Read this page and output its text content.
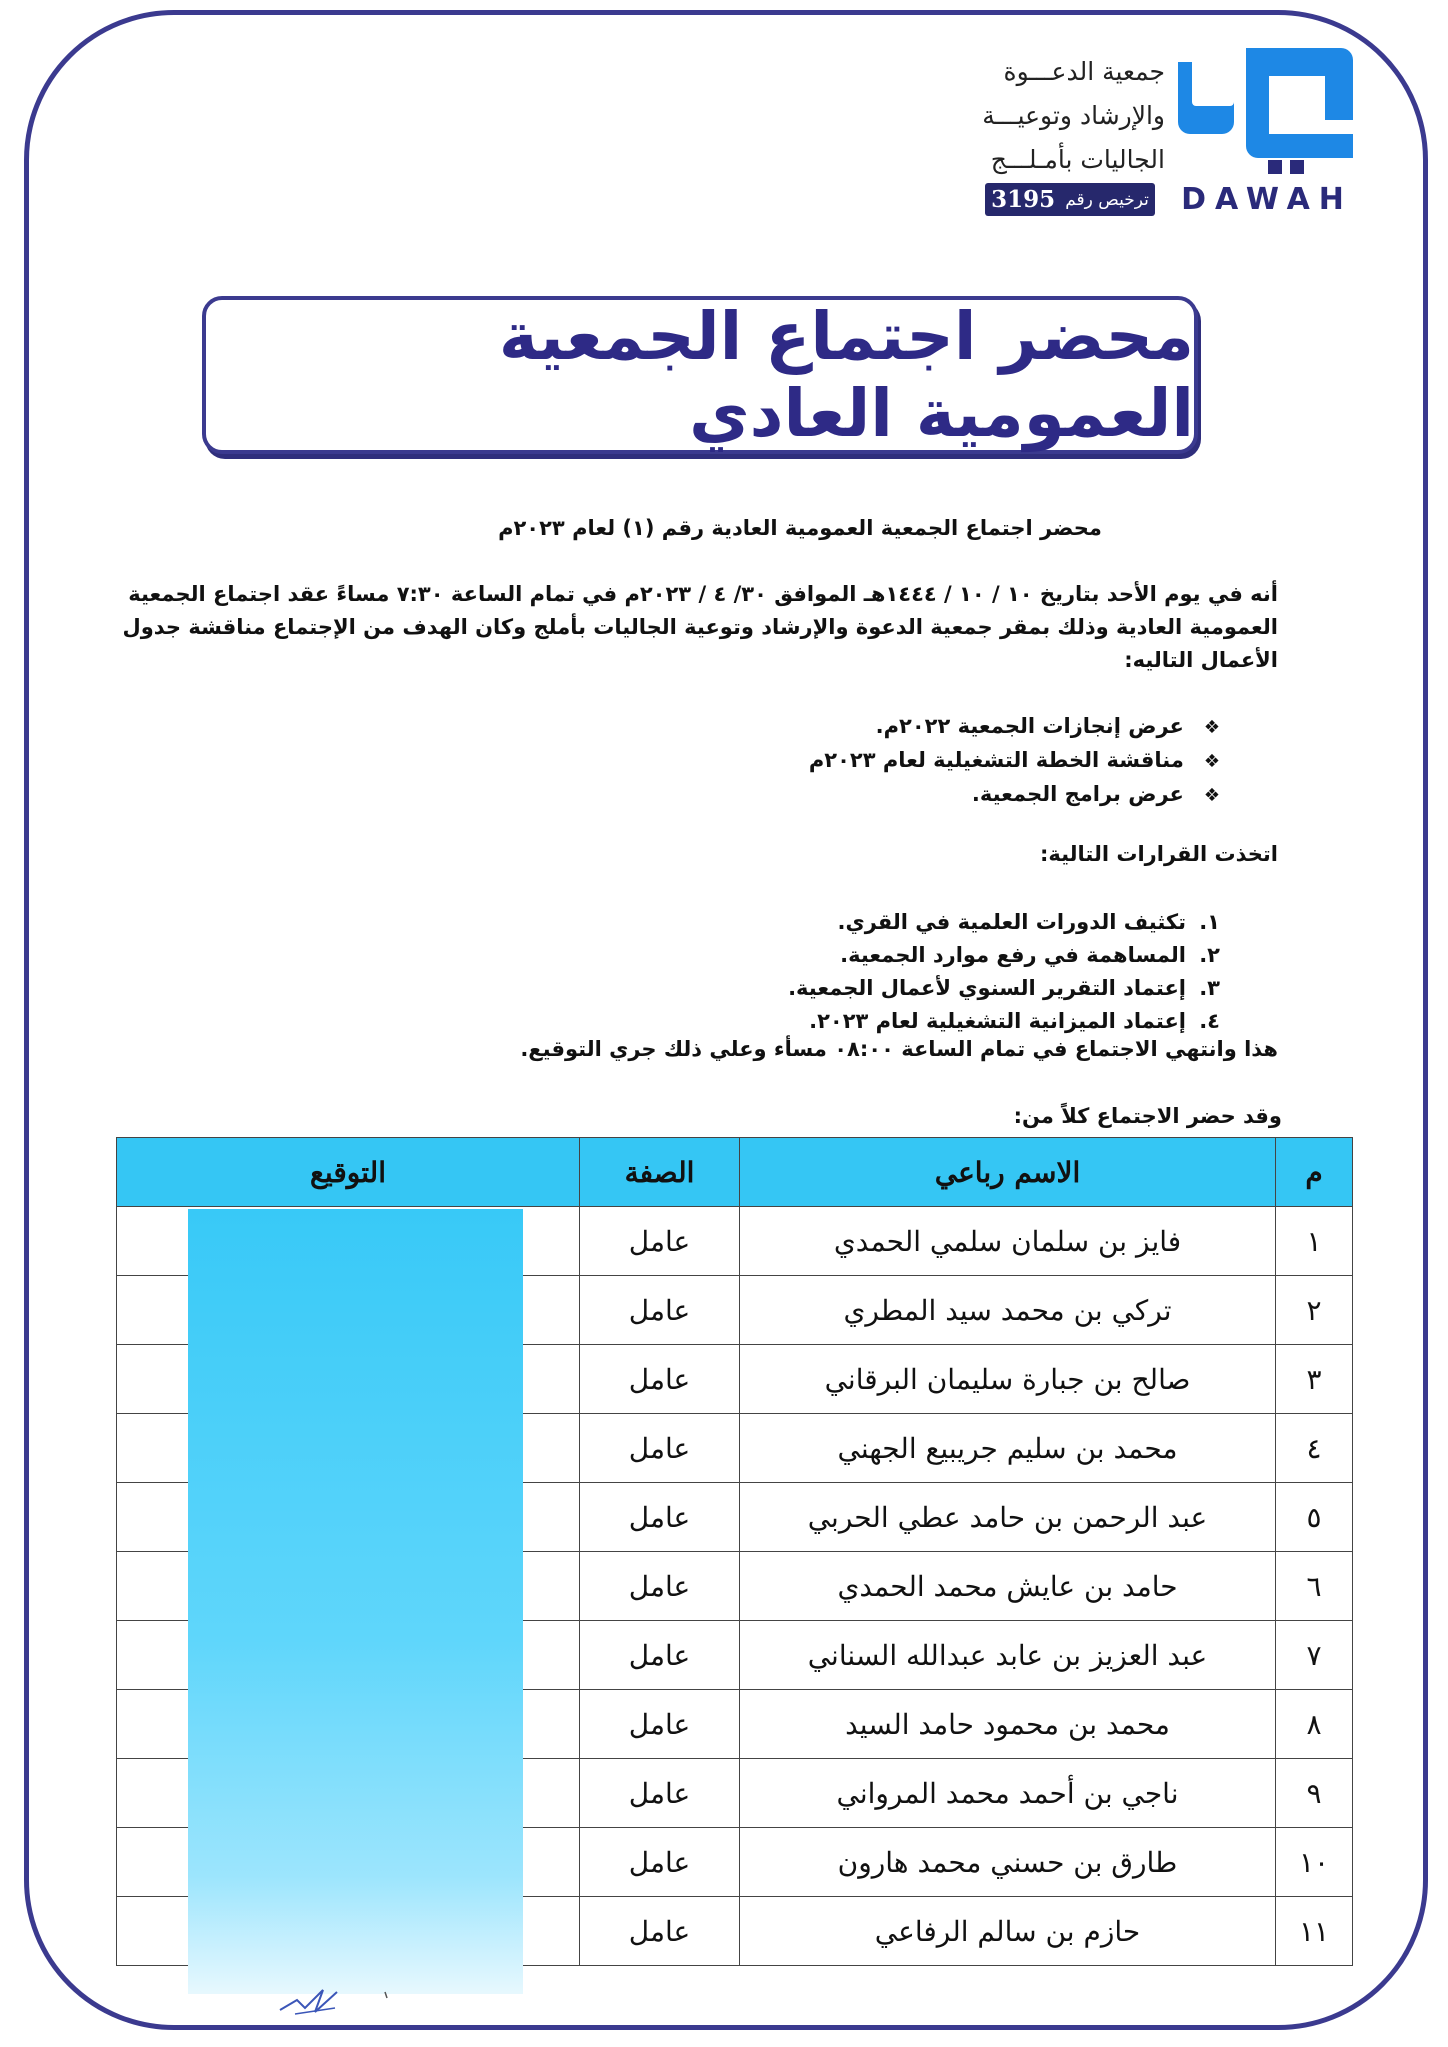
DAWAH
جمعية الدعـــوة
والإرشاد وتوعيـــة
الجاليات بأمـلـــج
ترخيص رقم
3195
محضر اجتماع الجمعية العمومية العادي
محضر اجتماع الجمعية العمومية العادية رقم (١) لعام ٢٠٢٣م

أنه في يوم الأحد بتاريخ ١٠ / ١٠ / ١٤٤٤هـ الموافق ٣٠/ ٤ / ٢٠٢٣م في تمام الساعة ٧:٣٠ مساءً عقد اجتماع الجمعية العمومية العادية وذلك بمقر جمعية الدعوة والإرشاد وتوعية الجاليات بأملج وكان الهدف من الإجتماع مناقشة جدول الأعمال التاليه:

❖ عرض إنجازات الجمعية ٢٠٢٢م.
❖ مناقشة الخطة التشغيلية لعام ٢٠٢٣م
❖ عرض برامج الجمعية.
اتخذت القرارات التالية:
١.تكثيف الدورات العلمية في القري.
٢.المساهمة في رفع موارد الجمعية.
٣.إعتماد التقرير السنوي لأعمال الجمعية.
٤.إعتماد الميزانية التشغيلية لعام ٢٠٢٣.
هذا وانتهي الاجتماع في تمام الساعة ٠٨:٠٠ مسأء وعلي ذلك جري التوقيع.
وقد حضر الاجتماع كلاً من:
م	الاسم رباعي	الصفة	التوقيع
١	فايز بن سلمان سلمي الحمدي	عامل	
٢	تركي بن محمد سيد المطري	عامل	
٣	صالح بن جبارة سليمان البرقاني	عامل	
٤	محمد بن سليم جريبيع الجهني	عامل	
٥	عبد الرحمن بن حامد عطي الحربي	عامل	
٦	حامد بن عايش محمد الحمدي	عامل	
٧	عبد العزيز بن عابد عبدالله السناني	عامل	
٨	محمد بن محمود حامد السيد	عامل	
٩	ناجي بن أحمد محمد المرواني	عامل	
١٠	طارق بن حسني محمد هارون	عامل	
١١	حازم بن سالم الرفاعي	عامل	
